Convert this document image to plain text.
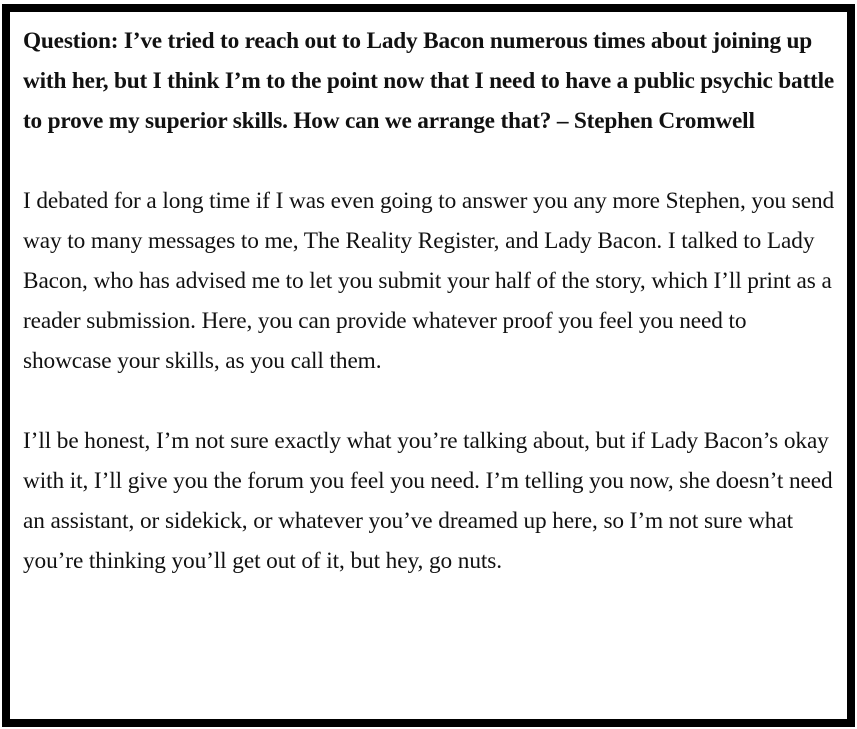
Question: I’ve tried to reach out to Lady Bacon numerous times about joining up with her, but I think I’m to the point now that I need to have a public psychic battle to prove my superior skills. How can we arrange that? – Stephen Cromwell

I debated for a long time if I was even going to answer you any more Stephen, you send way to many messages to me, The Reality Register, and Lady Bacon. I talked to Lady Bacon, who has advised me to let you submit your half of the story, which I’ll print as a reader submission. Here, you can provide whatever proof you feel you need to showcase your skills, as you call them.

I’ll be honest, I’m not sure exactly what you’re talking about, but if Lady Bacon’s okay with it, I’ll give you the forum you feel you need. I’m telling you now, she doesn’t need an assistant, or sidekick, or whatever you’ve dreamed up here, so I’m not sure what you’re thinking you’ll get out of it, but hey, go nuts.
